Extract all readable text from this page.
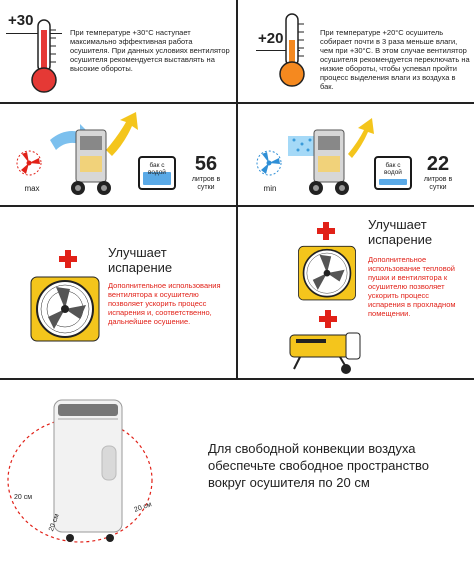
+30
При температуре +30°С наступает максимально эффективная работа осушителя. При данных условиях вентилятор осушителя рекомендуется выставлять на высокие обороты.
+20	При температуре +20°С осушитель собирает почти в 3 раза меньше влаги, чем при +30°С. В этом случае вентилятор осушителя рекомендуется переключать на низкие обороты, чтобы успевал пройти процесс выделения влаги из воздуха в бак.
max
бак с водой	56
литров в сутки	min
бак с водой	22
литров в сутки
Улучшает испарение
Дополнительное использования вентилятора к осушителю позволяет ускорить процесс испарения и, соответственно, дальнейшее осушение.
Улучшает испарение
Дополнительное использование тепловой пушки и вентилятора к осушителю позволяет ускорить процесс испарения в прохладном помещении.
20 см
20 см
20 см
Для свободной конвекции воздуха обеспечьте свободное пространство вокруг осушителя по 20 см
